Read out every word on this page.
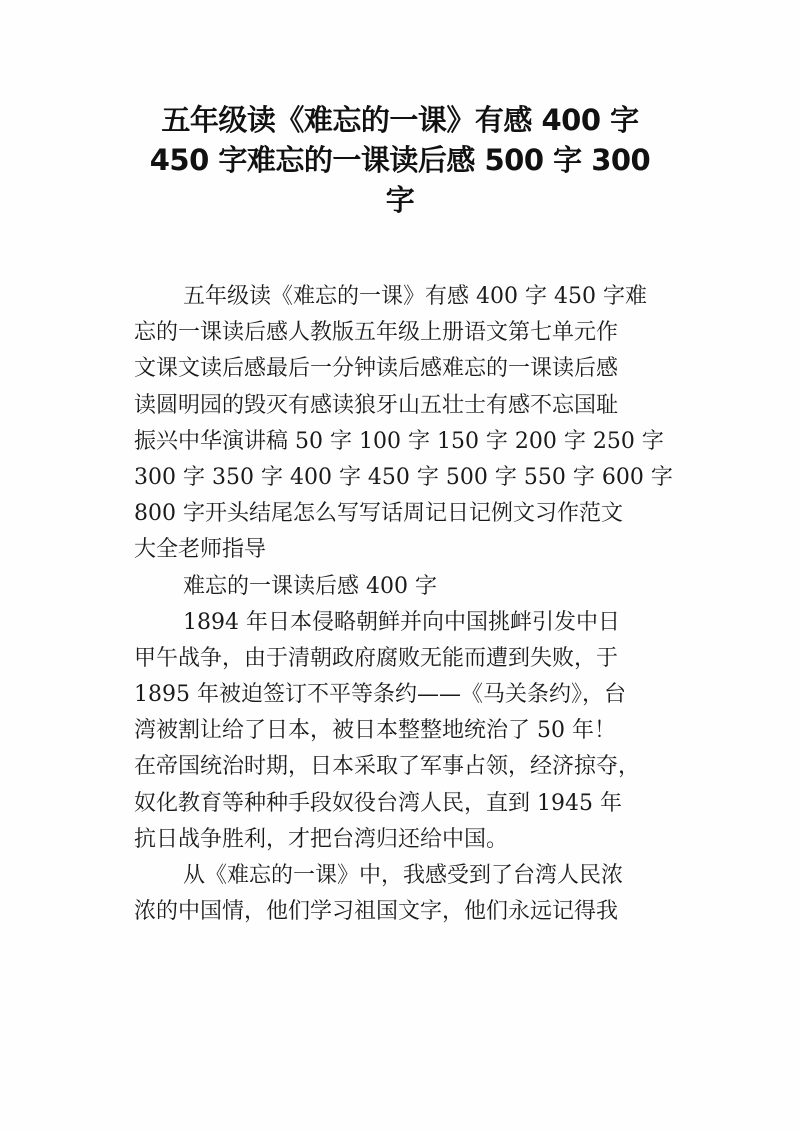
五年级读《难忘的一课》有感 400 字
450 字难忘的一课读后感 500 字 300
字
五年级读《难忘的一课》有感 400 字 450 字难
忘的一课读后感人教版五年级上册语文第七单元作
文课文读后感最后一分钟读后感难忘的一课读后感
读圆明园的毁灭有感读狼牙山五壮士有感不忘国耻
振兴中华演讲稿 50 字 100 字 150 字 200 字 250 字
300 字 350 字 400 字 450 字 500 字 550 字 600 字
800 字开头结尾怎么写写话周记日记例文习作范文
大全老师指导
难忘的一课读后感 400 字
1894 年日本侵略朝鲜并向中国挑衅引发中日
甲午战争，由于清朝政府腐败无能而遭到失败，于
1895 年被迫签订不平等条约——《马关条约》，台
湾被割让给了日本，被日本整整地统治了 50 年！
在帝国统治时期，日本采取了军事占领，经济掠夺，
奴化教育等种种手段奴役台湾人民，直到 1945 年
抗日战争胜利，才把台湾归还给中国。
从《难忘的一课》中，我感受到了台湾人民浓
浓的中国情，他们学习祖国文字，他们永远记得我
